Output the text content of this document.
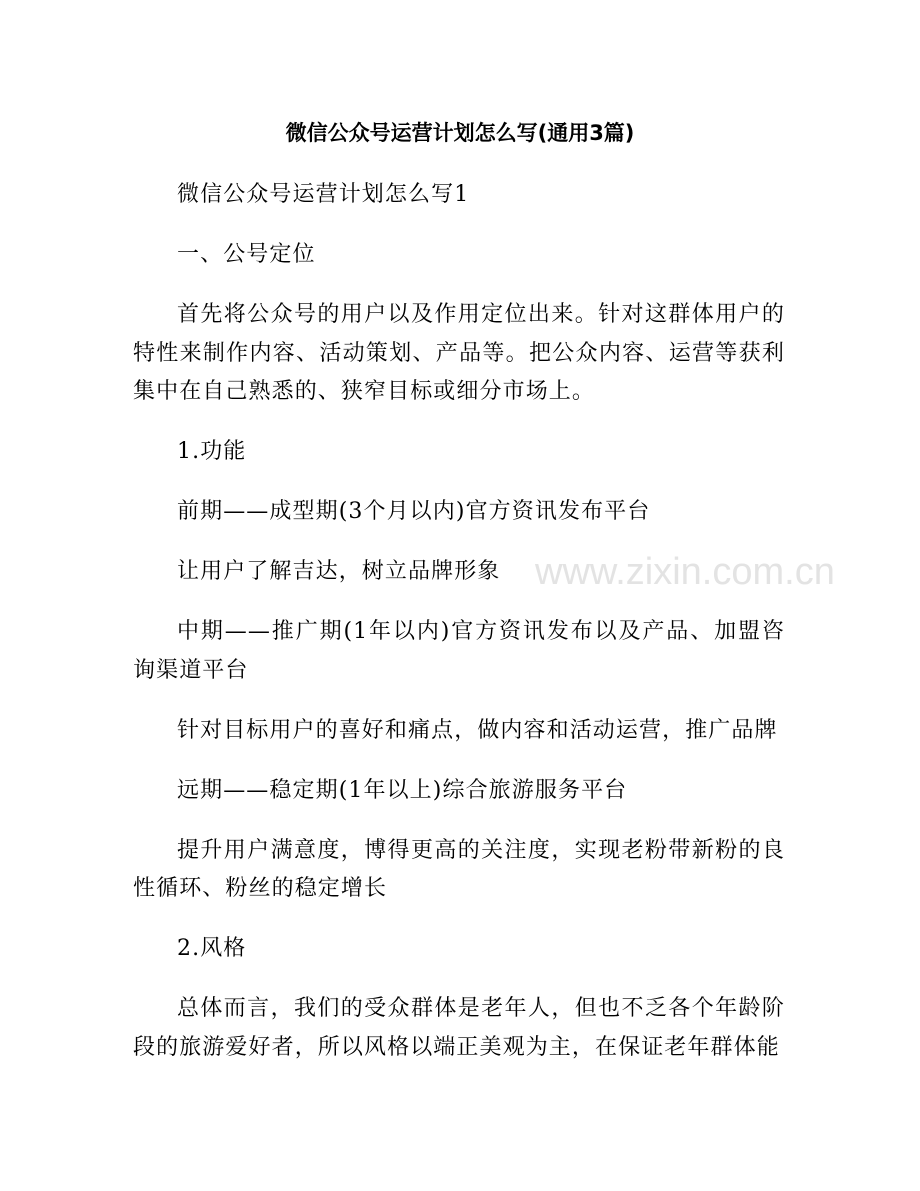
微信公众号运营计划怎么写(通用3篇)

微信公众号运营计划怎么写1

一、公号定位

首先将公众号的用户以及作用定位出来。针对这群体用户的特性来制作内容、活动策划、产品等。把公众内容、运营等获利集中在自己熟悉的、狭窄目标或细分市场上。

1.功能

前期——成型期(3个月以内)官方资讯发布平台

让用户了解吉达，树立品牌形象

中期——推广期(1年以内)官方资讯发布以及产品、加盟咨询渠道平台

针对目标用户的喜好和痛点，做内容和活动运营，推广品牌

远期——稳定期(1年以上)综合旅游服务平台

提升用户满意度，博得更高的关注度，实现老粉带新粉的良性循环、粉丝的稳定增长

2.风格

总体而言，我们的受众群体是老年人，但也不乏各个年龄阶段的旅游爱好者，所以风格以端正美观为主，在保证老年群体能

www.zixin.com.cn
